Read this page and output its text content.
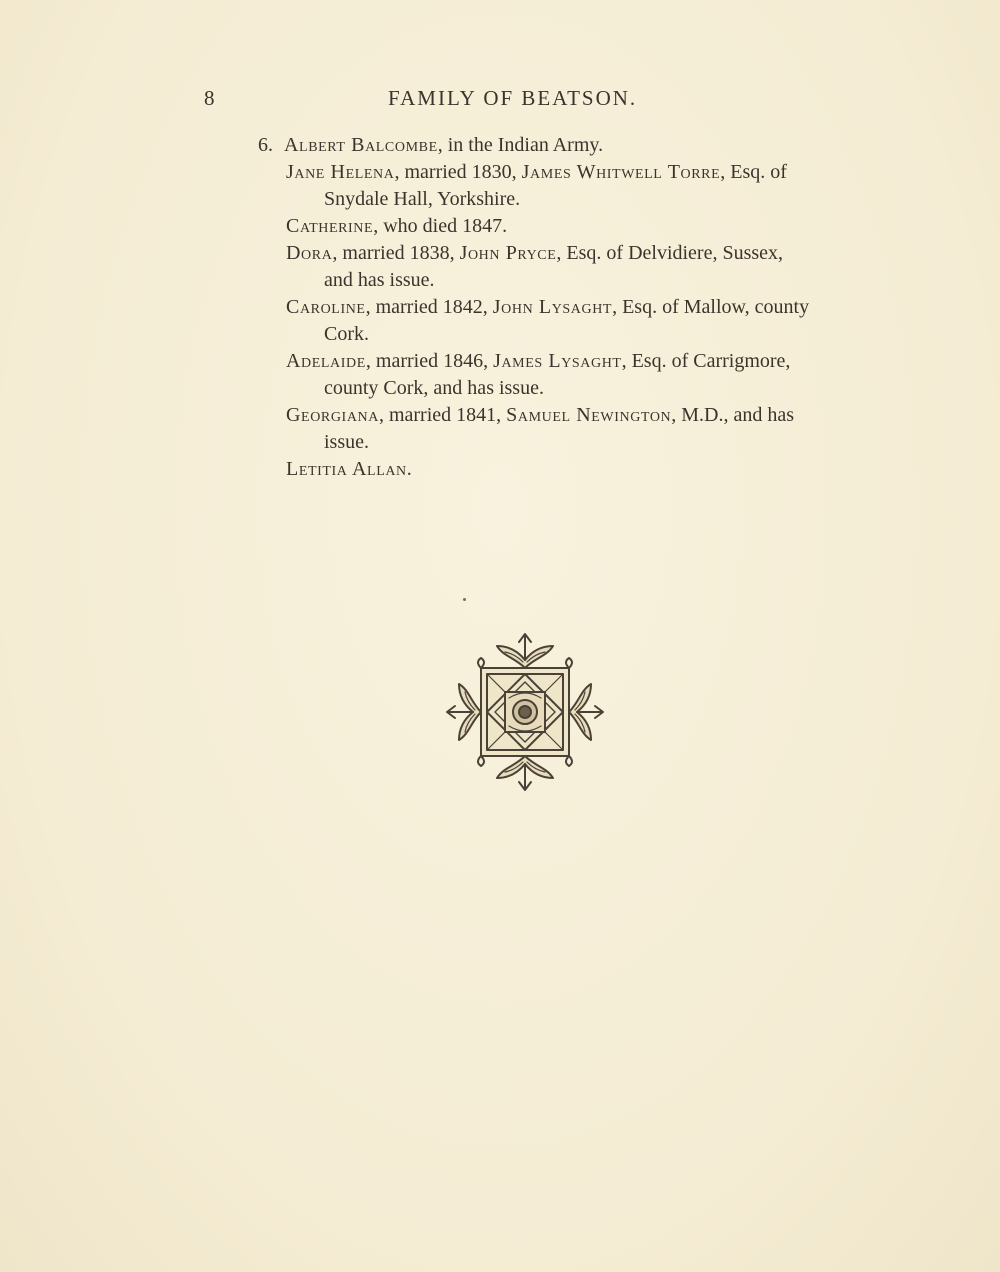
8	FAMILY OF BEATSON.
6. Albert Balcombe, in the Indian Army.
Jane Helena, married 1830, James Whitwell Torre, Esq. of
Snydale Hall, Yorkshire.
Catherine, who died 1847.
Dora, married 1838, John Pryce, Esq. of Delvidiere, Sussex,
and has issue.
Caroline, married 1842, John Lysaght, Esq. of Mallow, county
Cork.
Adelaide, married 1846, James Lysaght, Esq. of Carrigmore,
county Cork, and has issue.
Georgiana, married 1841, Samuel Newington, M.D., and has
issue.
Letitia Allan.
